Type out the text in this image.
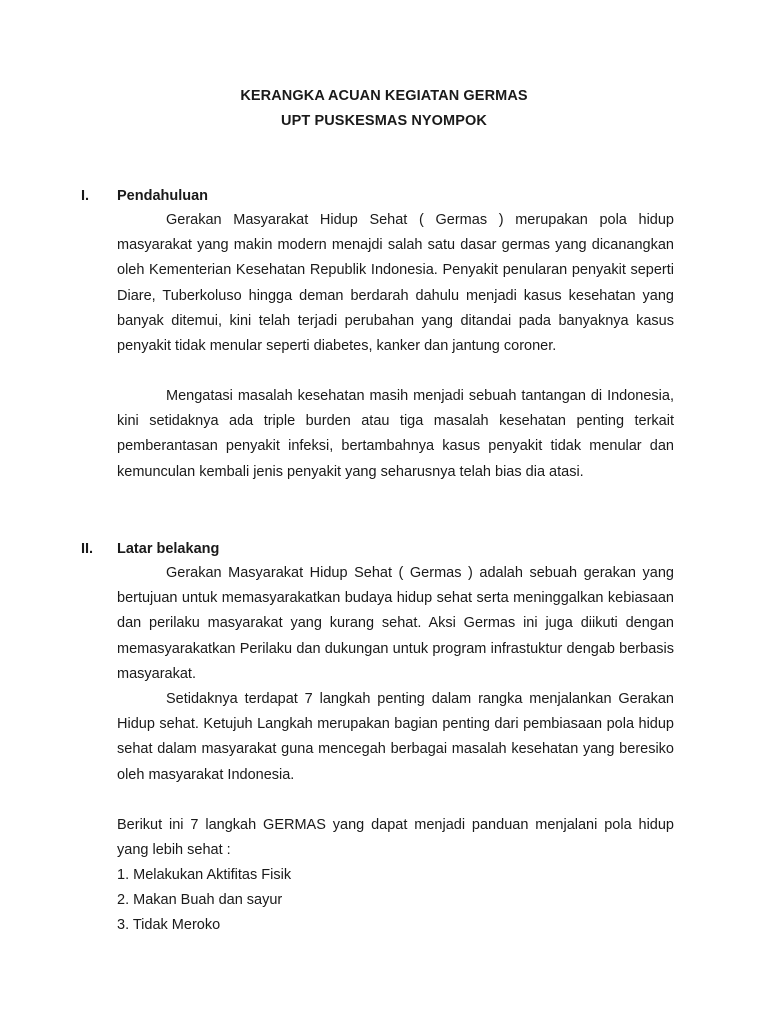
KERANGKA ACUAN KEGIATAN GERMAS
UPT PUSKESMAS NYOMPOK
I. Pendahuluan

Gerakan Masyarakat Hidup Sehat ( Germas ) merupakan pola hidup masyarakat yang makin modern menajdi salah satu dasar germas yang dicanangkan oleh Kementerian Kesehatan Republik Indonesia. Penyakit penularan penyakit seperti Diare, Tuberkoluso hingga deman berdarah dahulu menjadi kasus kesehatan yang banyak ditemui, kini telah terjadi perubahan yang ditandai pada banyaknya kasus penyakit tidak menular seperti diabetes, kanker dan jantung coroner.

Mengatasi masalah kesehatan masih menjadi sebuah tantangan di Indonesia, kini setidaknya ada triple burden atau tiga masalah kesehatan penting terkait pemberantasan penyakit infeksi, bertambahnya kasus penyakit tidak menular dan kemunculan kembali jenis penyakit yang seharusnya telah bias dia atasi.

II. Latar belakang

Gerakan Masyarakat Hidup Sehat ( Germas ) adalah sebuah gerakan yang bertujuan untuk memasyarakatkan budaya hidup sehat serta meninggalkan kebiasaan dan perilaku masyarakat yang kurang sehat. Aksi Germas ini juga diikuti dengan memasyarakatkan Perilaku dan dukungan untuk program infrastuktur dengab berbasis masyarakat.

Setidaknya terdapat 7 langkah penting dalam rangka menjalankan Gerakan Hidup sehat. Ketujuh Langkah merupakan bagian penting dari pembiasaan pola hidup sehat dalam masyarakat guna mencegah berbagai masalah kesehatan yang beresiko oleh masyarakat Indonesia.

Berikut ini 7 langkah GERMAS yang dapat menjadi panduan menjalani pola hidup yang lebih sehat :

1. Melakukan Aktifitas Fisik
2. Makan Buah dan sayur
3. Tidak Meroko
